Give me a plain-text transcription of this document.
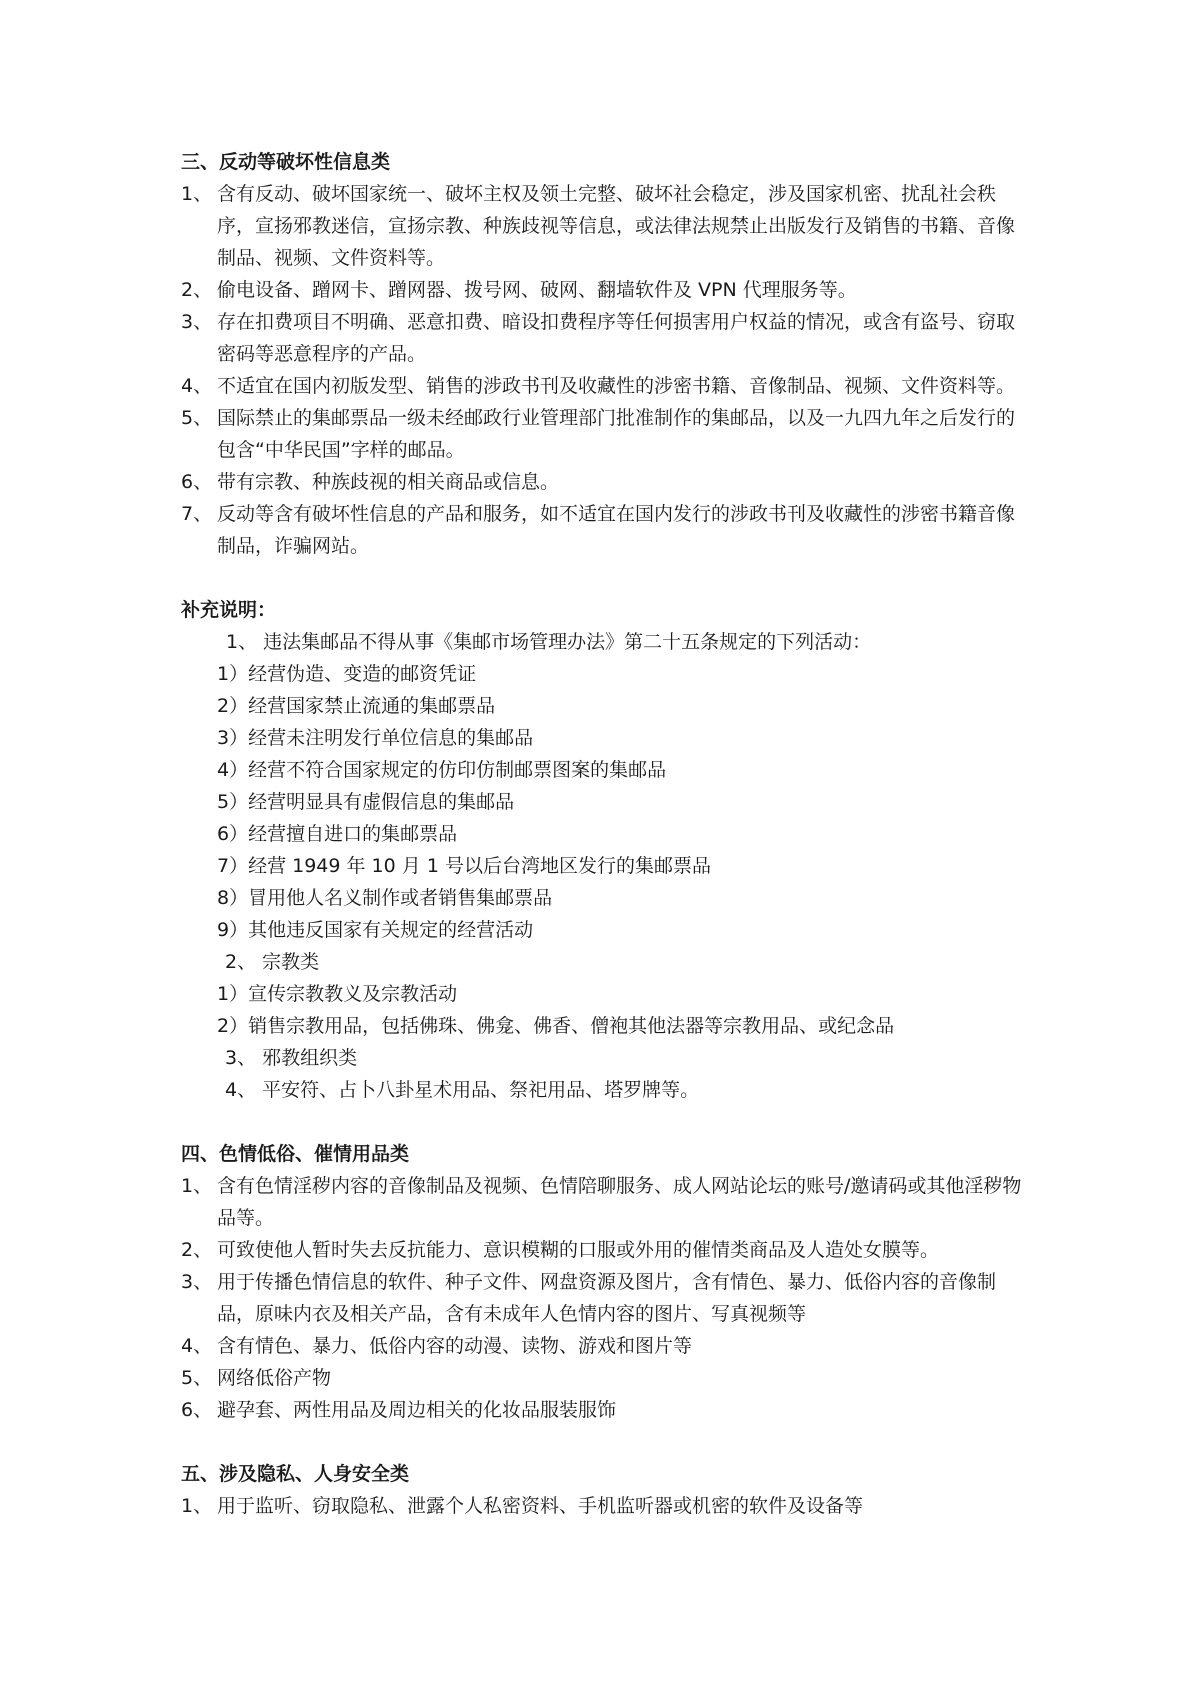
三、反动等破坏性信息类

1、 含有反动、破坏国家统一、破坏主权及领土完整、破坏社会稳定，涉及国家机密、扰乱社会秩序，宣扬邪教迷信，宣扬宗教、种族歧视等信息，或法律法规禁止出版发行及销售的书籍、音像制品、视频、文件资料等。
2、 偷电设备、蹭网卡、蹭网器、拨号网、破网、翻墙软件及 VPN 代理服务等。
3、 存在扣费项目不明确、恶意扣费、暗设扣费程序等任何损害用户权益的情况，或含有盗号、窃取密码等恶意程序的产品。
4、 不适宜在国内初版发型、销售的涉政书刊及收藏性的涉密书籍、音像制品、视频、文件资料等。
5、 国际禁止的集邮票品一级未经邮政行业管理部门批准制作的集邮品，以及一九四九年之后发行的包含“中华民国”字样的邮品。
6、 带有宗教、种族歧视的相关商品或信息。
7、 反动等含有破坏性信息的产品和服务，如不适宜在国内发行的涉政书刊及收藏性的涉密书籍音像制品，诈骗网站。

补充说明：

1、 违法集邮品不得从事《集邮市场管理办法》第二十五条规定的下列活动：

1）经营伪造、变造的邮资凭证

2）经营国家禁止流通的集邮票品

3）经营未注明发行单位信息的集邮品

4）经营不符合国家规定的仿印仿制邮票图案的集邮品

5）经营明显具有虚假信息的集邮品

6）经营擅自进口的集邮票品

7）经营 1949 年 10 月 1 号以后台湾地区发行的集邮票品

8）冒用他人名义制作或者销售集邮票品

9）其他违反国家有关规定的经营活动

2、 宗教类

1）宣传宗教教义及宗教活动

2）销售宗教用品，包括佛珠、佛龛、佛香、僧袍其他法器等宗教用品、或纪念品

3、 邪教组织类

4、 平安符、占卜八卦星术用品、祭祀用品、塔罗牌等。

四、色情低俗、催情用品类

1、 含有色情淫秽内容的音像制品及视频、色情陪聊服务、成人网站论坛的账号/邀请码或其他淫秽物品等。
2、 可致使他人暂时失去反抗能力、意识模糊的口服或外用的催情类商品及人造处女膜等。
3、 用于传播色情信息的软件、种子文件、网盘资源及图片，含有情色、暴力、低俗内容的音像制品，原味内衣及相关产品，含有未成年人色情内容的图片、写真视频等
4、 含有情色、暴力、低俗内容的动漫、读物、游戏和图片等
5、 网络低俗产物
6、 避孕套、两性用品及周边相关的化妆品服装服饰

五、涉及隐私、人身安全类

1、 用于监听、窃取隐私、泄露个人私密资料、手机监听器或机密的软件及设备等
